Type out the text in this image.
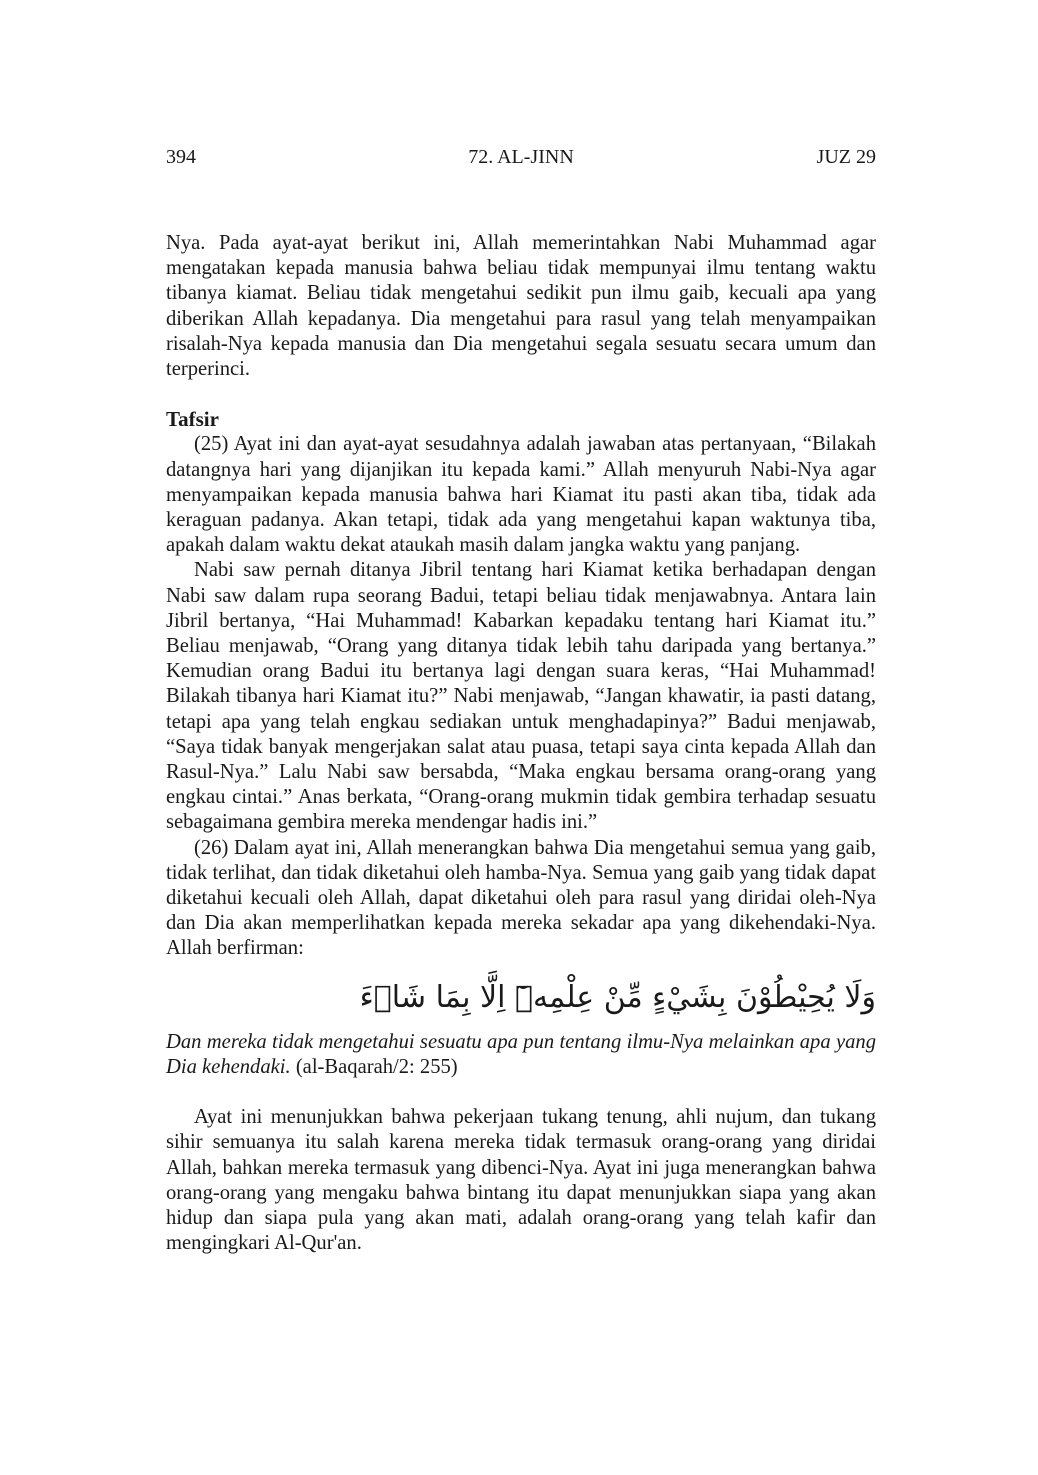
394	72. AL-JINN	JUZ 29

Nya. Pada ayat-ayat berikut ini, Allah memerintahkan Nabi Muhammad agar mengatakan kepada manusia bahwa beliau tidak mempunyai ilmu tentang waktu tibanya kiamat. Beliau tidak mengetahui sedikit pun ilmu gaib, kecuali apa yang diberikan Allah kepadanya. Dia mengetahui para rasul yang telah menyampaikan risalah-Nya kepada manusia dan Dia mengetahui segala sesuatu secara umum dan terperinci.

Tafsir

(25) Ayat ini dan ayat-ayat sesudahnya adalah jawaban atas pertanyaan, “Bilakah datangnya hari yang dijanjikan itu kepada kami.” Allah menyuruh Nabi-Nya agar menyampaikan kepada manusia bahwa hari Kiamat itu pasti akan tiba, tidak ada keraguan padanya. Akan tetapi, tidak ada yang mengetahui kapan waktunya tiba, apakah dalam waktu dekat ataukah masih dalam jangka waktu yang panjang.

Nabi saw pernah ditanya Jibril tentang hari Kiamat ketika berhadapan dengan Nabi saw dalam rupa seorang Badui, tetapi beliau tidak menjawabnya. Antara lain Jibril bertanya, “Hai Muhammad! Kabarkan kepadaku tentang hari Kiamat itu.” Beliau menjawab, “Orang yang ditanya tidak lebih tahu daripada yang bertanya.” Kemudian orang Badui itu bertanya lagi dengan suara keras, “Hai Muhammad! Bilakah tibanya hari Kiamat itu?” Nabi menjawab, “Jangan khawatir, ia pasti datang, tetapi apa yang telah engkau sediakan untuk menghadapinya?” Badui menjawab, “Saya tidak banyak mengerjakan salat atau puasa, tetapi saya cinta kepada Allah dan Rasul-Nya.” Lalu Nabi saw bersabda, “Maka engkau bersama orang-orang yang engkau cintai.” Anas berkata, “Orang-orang mukmin tidak gembira terhadap sesuatu sebagaimana gembira mereka mendengar hadis ini.”

(26) Dalam ayat ini, Allah menerangkan bahwa Dia mengetahui semua yang gaib, tidak terlihat, dan tidak diketahui oleh hamba-Nya. Semua yang gaib yang tidak dapat diketahui kecuali oleh Allah, dapat diketahui oleh para rasul yang diridai oleh-Nya dan Dia akan memperlihatkan kepada mereka sekadar apa yang dikehendaki-Nya. Allah berfirman:

وَلَا يُحِيْطُوْنَ بِشَيْءٍ مِّنْ عِلْمِهٖٓ اِلَّا بِمَا شَاۤءَ

Dan mereka tidak mengetahui sesuatu apa pun tentang ilmu-Nya melainkan apa yang Dia kehendaki. (al-Baqarah/2: 255)

Ayat ini menunjukkan bahwa pekerjaan tukang tenung, ahli nujum, dan tukang sihir semuanya itu salah karena mereka tidak termasuk orang-orang yang diridai Allah, bahkan mereka termasuk yang dibenci-Nya. Ayat ini juga menerangkan bahwa orang-orang yang mengaku bahwa bintang itu dapat menunjukkan siapa yang akan hidup dan siapa pula yang akan mati, adalah orang-orang yang telah kafir dan mengingkari Al-Qur'an.
